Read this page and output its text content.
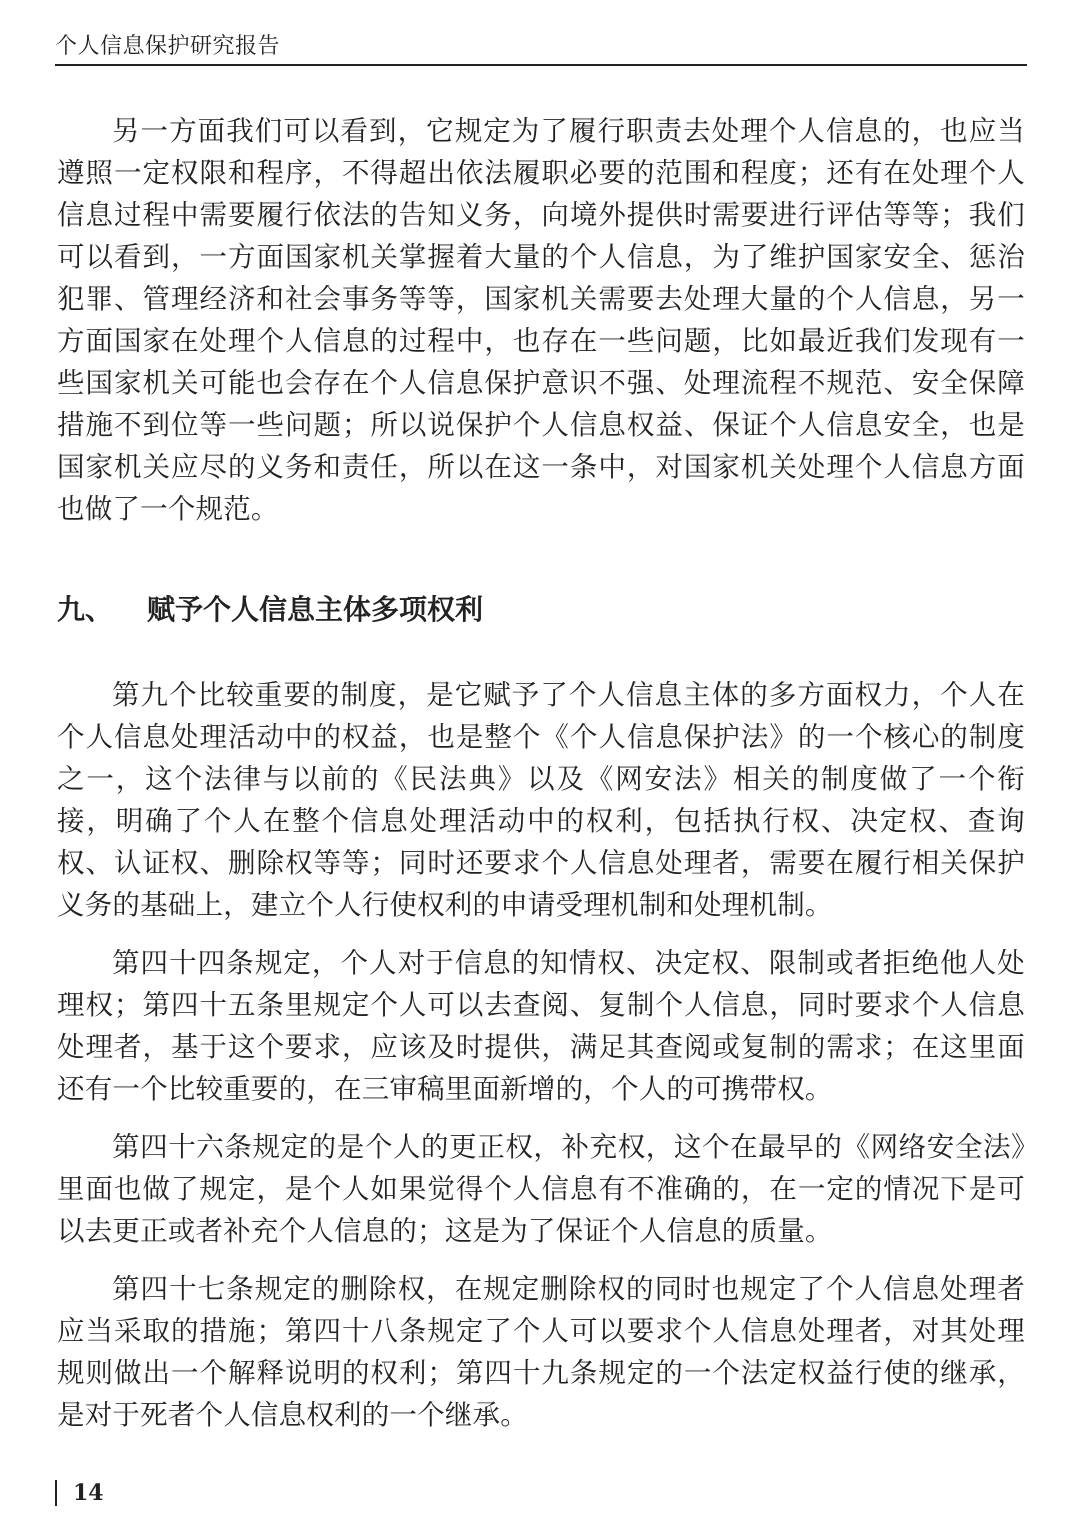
个人信息保护研究报告

另一方面我们可以看到，它规定为了履行职责去处理个人信息的，也应当遵照一定权限和程序，不得超出依法履职必要的范围和程度；还有在处理个人信息过程中需要履行依法的告知义务，向境外提供时需要进行评估等等；我们可以看到，一方面国家机关掌握着大量的个人信息，为了维护国家安全、惩治犯罪、管理经济和社会事务等等，国家机关需要去处理大量的个人信息，另一方面国家在处理个人信息的过程中，也存在一些问题，比如最近我们发现有一些国家机关可能也会存在个人信息保护意识不强、处理流程不规范、安全保障措施不到位等一些问题；所以说保护个人信息权益、保证个人信息安全，也是国家机关应尽的义务和责任，所以在这一条中，对国家机关处理个人信息方面也做了一个规范。

九、	赋予个人信息主体多项权利

第九个比较重要的制度，是它赋予了个人信息主体的多方面权力，个人在个人信息处理活动中的权益，也是整个《个人信息保护法》的一个核心的制度之一，这个法律与以前的《民法典》以及《网安法》相关的制度做了一个衔接，明确了个人在整个信息处理活动中的权利，包括执行权、决定权、查询权、认证权、删除权等等；同时还要求个人信息处理者，需要在履行相关保护义务的基础上，建立个人行使权利的申请受理机制和处理机制。

第四十四条规定，个人对于信息的知情权、决定权、限制或者拒绝他人处理权；第四十五条里规定个人可以去查阅、复制个人信息，同时要求个人信息处理者，基于这个要求，应该及时提供，满足其查阅或复制的需求；在这里面还有一个比较重要的，在三审稿里面新增的，个人的可携带权。

第四十六条规定的是个人的更正权，补充权，这个在最早的《网络安全法》里面也做了规定，是个人如果觉得个人信息有不准确的，在一定的情况下是可以去更正或者补充个人信息的；这是为了保证个人信息的质量。

第四十七条规定的删除权，在规定删除权的同时也规定了个人信息处理者应当采取的措施；第四十八条规定了个人可以要求个人信息处理者，对其处理规则做出一个解释说明的权利；第四十九条规定的一个法定权益行使的继承，是对于死者个人信息权利的一个继承。

14
